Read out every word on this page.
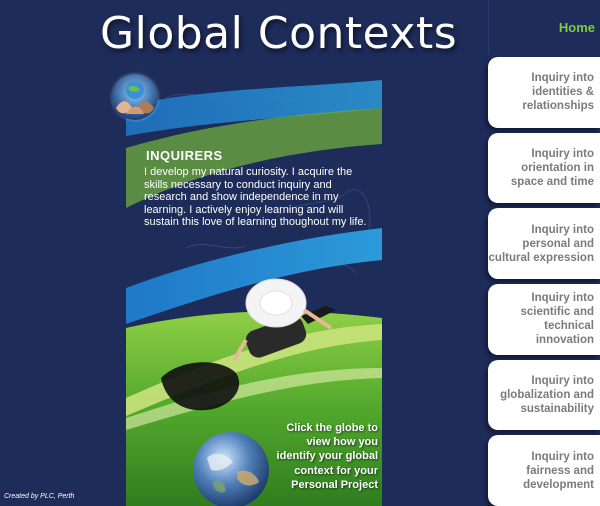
Global Contexts	Home
Inquiry into identities & relationships
Inquiry into orientation in space and time
Inquiry into personal and cultural expression
Inquiry into scientific and technical innovation
Inquiry into globalization and sustainability
Inquiry into fairness and development
INQUIRERS
I develop my natural curiosity. I acquire the skills necessary to conduct inquiry and research and show independence in my learning. I actively enjoy learning and will sustain this love of learning thoughout my life.
Click the globe to view how you identify your global context for your Personal Project
Created by PLC, Perth
